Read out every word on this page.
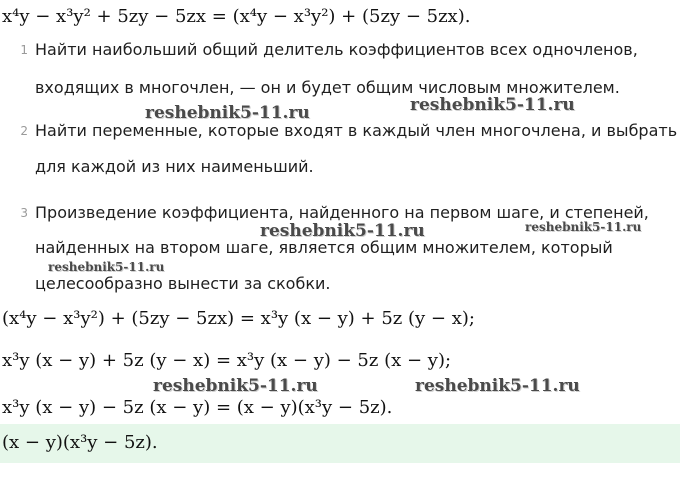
x⁴y − x³y² + 5zy − 5zx = (x⁴y − x³y²) + (5zy − 5zx).
1 Найти наибольший общий делитель коэффициентов всех одночленов,
входящих в многочлен, — он и будет общим числовым множителем.
reshebnik5-11.ru	reshebnik5-11.ru
2 Найти переменные, которые входят в каждый член многочлена, и выбрать
для каждой из них наименьший.
3 Произведение коэффициента, найденного на первом шаге, и степеней,
reshebnik5-11.ru	reshebnik5-11.ru
найденных на втором шаге, является общим множителем, который
reshebnik5-11.ru
целесообразно вынести за скобки.
(x⁴y − x³y²) + (5zy − 5zx) = x³y (x − y) + 5z (y − x);
x³y (x − y) + 5z (y − x) = x³y (x − y) − 5z (x − y);
reshebnik5-11.ru	reshebnik5-11.ru
x³y (x − y) − 5z (x − y) = (x − y)(x³y − 5z).
(x − y)(x³y − 5z).
